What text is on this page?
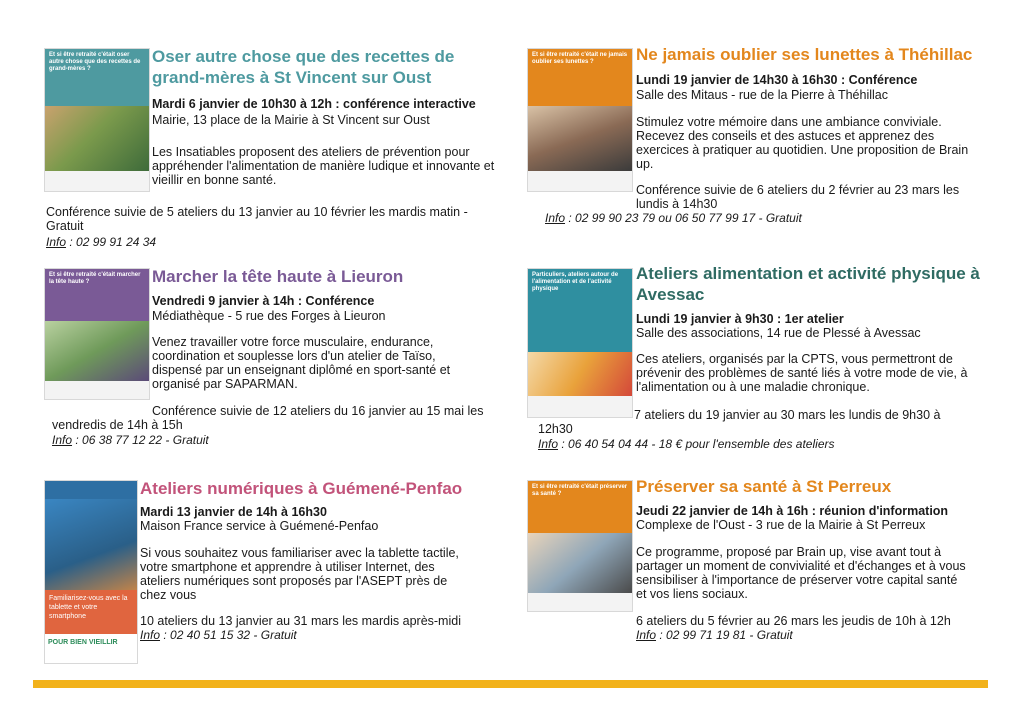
Et si être retraité c'était oser autre chose que des recettes de grand-mères ?
Oser autre chose que des recettes de grand-mères à St Vincent sur Oust

Mardi 6 janvier de 10h30 à 12h : conférence interactive

Mairie, 13 place de la Mairie à St Vincent sur Oust

Les Insatiables proposent des ateliers de prévention pour appréhender l'alimentation de manière ludique et innovante et vieillir en bonne santé.

Conférence suivie de 5 ateliers du 13 janvier au 10 février les mardis matin - Gratuit

Info : 02 99 91 24 34

Et si être retraité c'était ne jamais oublier ses lunettes ?	Ne jamais oublier ses lunettes à Théhillac

Lundi 19 janvier de 14h30 à 16h30 : Conférence

Salle des Mitaus - rue de la Pierre à Théhillac

Stimulez votre mémoire dans une ambiance conviviale. Recevez des conseils et des astuces et apprenez des exercices à pratiquer au quotidien. Une proposition de Brain up.

Conférence suivie de 6 ateliers du 2 février au 23 mars les lundis à 14h30

Info : 02 99 90 23 79 ou 06 50 77 99 17 - Gratuit

Et si être retraité c'était marcher la tête haute ?	Marcher la tête haute à Lieuron

Vendredi 9 janvier à 14h : Conférence

Médiathèque - 5 rue des Forges à Lieuron

Venez travailler votre force musculaire, endurance, coordination et souplesse lors d'un atelier de Taïso, dispensé par un enseignant diplômé en sport-santé et organisé par SAPARMAN.

Conférence suivie de 12 ateliers du 16 janvier au 15 mai les vendredis de 14h à 15h

Info : 06 38 77 12 22 - Gratuit

Particuliers, ateliers autour de l'alimentation et de l'activité physique
Ateliers alimentation et activité physique à Avessac

Lundi 19 janvier à 9h30 : 1er atelier

Salle des associations, 14 rue de Plessé à Avessac

Ces ateliers, organisés par la CPTS, vous permettront de prévenir des problèmes de santé liés à votre mode de vie, à l'alimentation ou à une maladie chronique.

7 ateliers du 19 janvier au 30 mars les lundis de 9h30 à 12h30

Info : 06 40 54 04 44 - 18 € pour l'ensemble des ateliers

Familiarisez-vous avec la tablette et votre smartphone
POUR BIEN VIEILLIR
Ateliers numériques à Guémené-Penfao

Mardi 13 janvier de 14h à 16h30

Maison France service à Guémené-Penfao

Si vous souhaitez vous familiariser avec la tablette tactile, votre smartphone et apprendre à utiliser Internet, des ateliers numériques sont proposés par l'ASEPT près de chez vous

10 ateliers du 13 janvier au 31 mars les mardis après-midi

Info : 02 40 51 15 32 - Gratuit

Et si être retraité c'était préserver sa santé ?	Préserver sa santé à St Perreux

Jeudi 22 janvier de 14h à 16h : réunion d'information

Complexe de l'Oust - 3 rue de la Mairie à St Perreux

Ce programme, proposé par Brain up, vise avant tout à partager un moment de convivialité et d'échanges et à vous sensibiliser à l'importance de préserver votre capital santé et vos liens sociaux.

6 ateliers du 5 février au 26 mars les jeudis de 10h à 12h

Info : 02 99 71 19 81 - Gratuit
